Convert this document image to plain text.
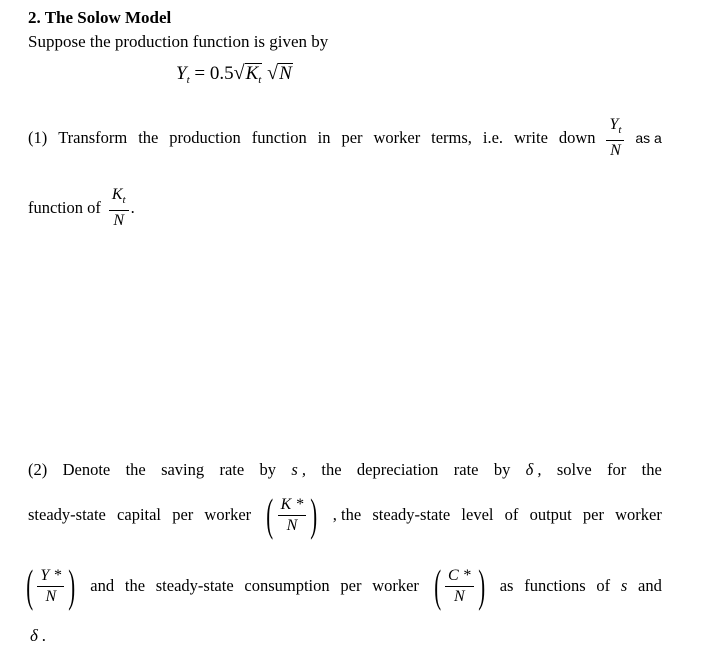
2. The Solow Model
Suppose the production function is given by
$Y_t = 0.5√K_t$ √N
(1) Transform the production function in per worker terms, i.e. write down $\frac{Y_t}{N}$ as a
function of $\frac{K_t}{N}$ .
(2) Denote the saving rate by s , the depreciation rate by δ , solve for the
steady-state capital per worker ( $\frac{K *}{N}$ ) , the steady-state level of output per worker
( $\frac{Y *}{N}$ ) and the steady-state consumption per worker ( $\frac{C *}{N}$ ) as functions of s and
δ .
